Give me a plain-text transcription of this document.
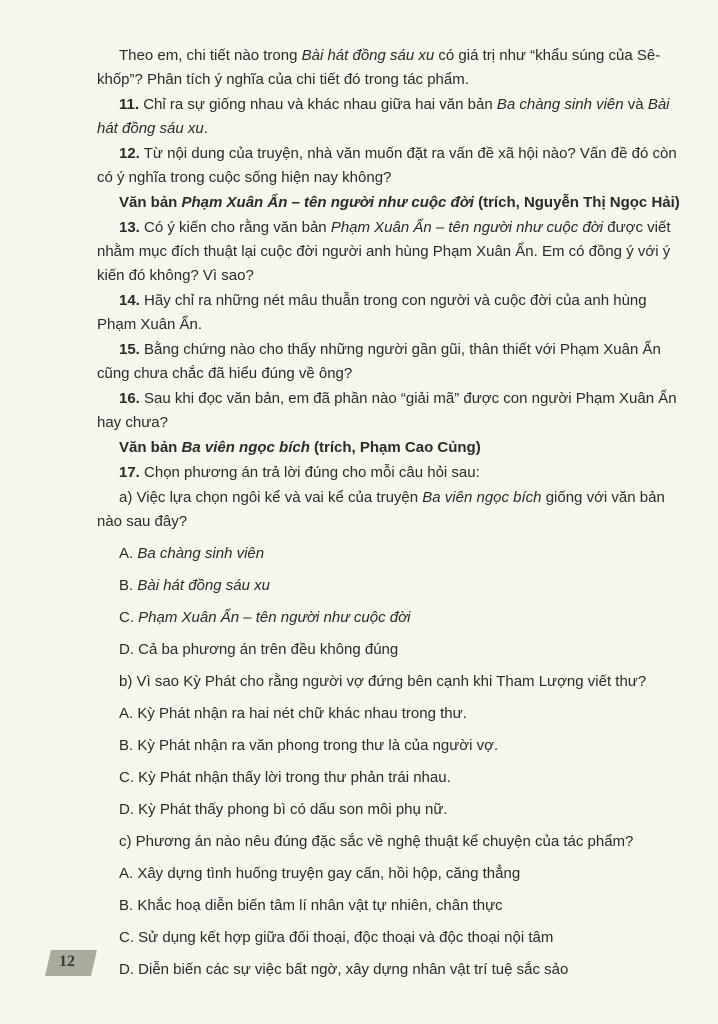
Theo em, chi tiết nào trong Bài hát đồng sáu xu có giá trị như “khẩu súng của Sê-khốp”? Phân tích ý nghĩa của chi tiết đó trong tác phẩm.

11. Chỉ ra sự giống nhau và khác nhau giữa hai văn bản Ba chàng sinh viên và Bài hát đồng sáu xu.

12. Từ nội dung của truyện, nhà văn muốn đặt ra vấn đề xã hội nào? Vấn đề đó còn có ý nghĩa trong cuộc sống hiện nay không?

Văn bản Phạm Xuân Ẩn – tên người như cuộc đời (trích, Nguyễn Thị Ngọc Hải)

13. Có ý kiến cho rằng văn bản Phạm Xuân Ẩn – tên người như cuộc đời được viết nhằm mục đích thuật lại cuộc đời người anh hùng Phạm Xuân Ẩn. Em có đồng ý với ý kiến đó không? Vì sao?

14. Hãy chỉ ra những nét mâu thuẫn trong con người và cuộc đời của anh hùng Phạm Xuân Ẩn.

15. Bằng chứng nào cho thấy những người gần gũi, thân thiết với Phạm Xuân Ẩn cũng chưa chắc đã hiểu đúng về ông?

16. Sau khi đọc văn bản, em đã phần nào “giải mã” được con người Phạm Xuân Ẩn hay chưa?

Văn bản Ba viên ngọc bích (trích, Phạm Cao Củng)

17. Chọn phương án trả lời đúng cho mỗi câu hỏi sau:

a) Việc lựa chọn ngôi kể và vai kể của truyện Ba viên ngọc bích giống với văn bản nào sau đây?

A. Ba chàng sinh viên

B. Bài hát đồng sáu xu

C. Phạm Xuân Ẩn – tên người như cuộc đời

D. Cả ba phương án trên đều không đúng

b) Vì sao Kỳ Phát cho rằng người vợ đứng bên cạnh khi Tham Lượng viết thư?

A. Kỳ Phát nhận ra hai nét chữ khác nhau trong thư.

B. Kỳ Phát nhận ra văn phong trong thư là của người vợ.

C. Kỳ Phát nhận thấy lời trong thư phản trái nhau.

D. Kỳ Phát thấy phong bì có dấu son môi phụ nữ.

c) Phương án nào nêu đúng đặc sắc về nghệ thuật kể chuyện của tác phẩm?

A. Xây dựng tình huống truyện gay cấn, hồi hộp, căng thẳng

B. Khắc hoạ diễn biến tâm lí nhân vật tự nhiên, chân thực

C. Sử dụng kết hợp giữa đối thoại, độc thoại và độc thoại nội tâm

D. Diễn biến các sự việc bất ngờ, xây dựng nhân vật trí tuệ sắc sảo

12
